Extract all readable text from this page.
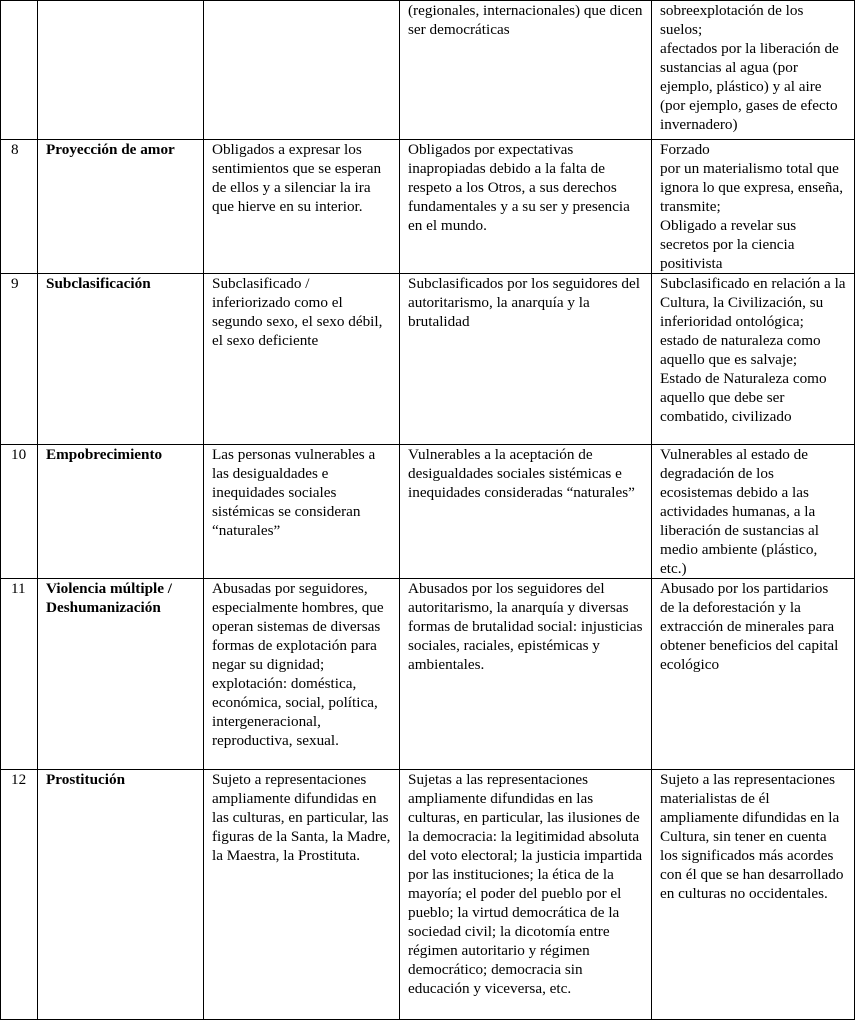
			(regionales, internacionales) que dicen ser democráticas	sobreexplotación de los suelos;
afectados por la liberación de sustancias al agua (por ejemplo, plástico) y al aire (por ejemplo, gases de efecto invernadero)
8	Proyección de amor	Obligados a expresar los sentimientos que se esperan de ellos y a silenciar la ira que hierve en su interior.	Obligados por expectativas inapropiadas debido a la falta de respeto a los Otros, a sus derechos fundamentales y a su ser y presencia en el mundo.	Forzado
por un materialismo total que ignora lo que expresa, enseña, transmite;
Obligado a revelar sus secretos por la ciencia positivista
9	Subclasificación	Subclasificado / inferiorizado como el segundo sexo, el sexo débil, el sexo deficiente	Subclasificados por los seguidores del autoritarismo, la anarquía y la brutalidad	Subclasificado en relación a la Cultura, la Civilización, su inferioridad ontológica;
estado de naturaleza como aquello que es salvaje;
Estado de Naturaleza como aquello que debe ser combatido, civilizado
10	Empobrecimiento	Las personas vulnerables a las desigualdades e inequidades sociales sistémicas se consideran “naturales”	Vulnerables a la aceptación de desigualdades sociales sistémicas e inequidades consideradas “naturales”	Vulnerables al estado de degradación de los ecosistemas debido a las actividades humanas, a la liberación de sustancias al medio ambiente (plástico, etc.)
11	Violencia múltiple / Deshumanización	Abusadas por seguidores, especialmente hombres, que operan sistemas de diversas formas de explotación para negar su dignidad; explotación: doméstica, económica, social, política, intergeneracional, reproductiva, sexual.	Abusados por los seguidores del autoritarismo, la anarquía y diversas formas de brutalidad social: injusticias sociales, raciales, epistémicas y ambientales.	Abusado por los partidarios de la deforestación y la extracción de minerales para obtener beneficios del capital ecológico
12	Prostitución	Sujeto a representaciones ampliamente difundidas en las culturas, en particular, las figuras de la Santa, la Madre, la Maestra, la Prostituta.	Sujetas a las representaciones ampliamente difundidas en las culturas, en particular, las ilusiones de la democracia: la legitimidad absoluta del voto electoral; la justicia impartida por las instituciones; la ética de la mayoría; el poder del pueblo por el pueblo; la virtud democrática de la sociedad civil; la dicotomía entre régimen autoritario y régimen democrático; democracia sin educación y viceversa, etc.	Sujeto a las representaciones materialistas de él ampliamente difundidas en la Cultura, sin tener en cuenta los significados más acordes con él que se han desarrollado en culturas no occidentales.
